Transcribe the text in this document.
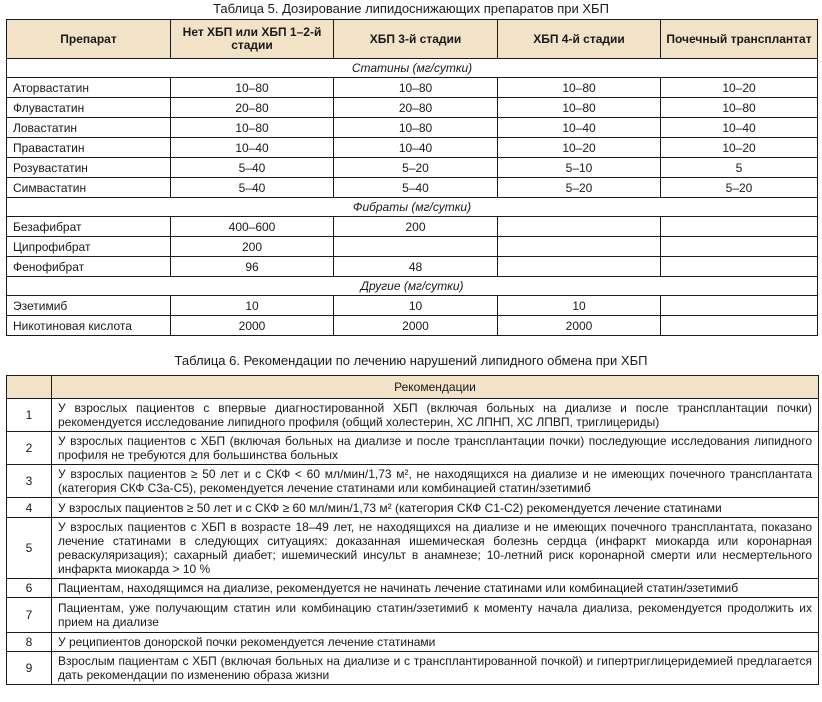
Таблица 5. Дозирование липидоснижающих препаратов при ХБП
Препарат	Нет ХБП или ХБП 1–2-й стадии	ХБП 3-й стадии	ХБП 4-й стадии	Почечный трансплантат
Статины (мг/сутки)				
Аторвастатин	10–80	10–80	10–80	10–20
Флувастатин	20–80	20–80	10–80	10–80
Ловастатин	10–80	10–80	10–40	10–40
Правастатин	10–40	10–40	10–20	10–20
Розувастатин	5–40	5–20	5–10	5
Симвастатин	5–40	5–40	5–20	5–20
Фибраты (мг/сутки)				
Безафибрат	400–600	200		
Ципрофибрат	200			
Фенофибрат	96	48		
Другие (мг/сутки)				
Эзетимиб	10	10	10	
Никотиновая кислота	2000	2000	2000	
Таблица 6. Рекомендации по лечению нарушений липидного обмена при ХБП
	Рекомендации
1	У взрослых пациентов с впервые диагностированной ХБП (включая больных на диализе и после трансплантации почки) рекомендуется исследование липидного профиля (общий холестерин, ХС ЛПНП, ХС ЛПВП, триглицериды)
2	У взрослых пациентов с ХБП (включая больных на диализе и после трансплантации почки) последующие исследования липидного профиля не требуются для большинства больных
3	У взрослых пациентов ≥ 50 лет и с СКФ < 60 мл/мин/1,73 м², не находящихся на диализе и не имеющих почечного трансплантата (категория СКФ С3а-С5), рекомендуется лечение статинами или комбинацией статин/эзетимиб
4	У взрослых пациентов ≥ 50 лет и с СКФ ≥ 60 мл/мин/1,73 м² (категория СКФ С1-С2) рекомендуется лечение статинами
5	У взрослых пациентов с ХБП в возрасте 18–49 лет, не находящихся на диализе и не имеющих почечного трансплантата, показано лечение статинами в следующих ситуациях: доказанная ишемическая болезнь сердца (инфаркт миокарда или коронарная реваскуляризация); сахарный диабет; ишемический инсульт в анамнезе; 10-летний риск коронарной смерти или несмертельного инфаркта миокарда > 10 %
6	Пациентам, находящимся на диализе, рекомендуется не начинать лечение статинами или комбинацией статин/эзетимиб
7	Пациентам, уже получающим статин или комбинацию статин/эзетимиб к моменту начала диализа, рекомендуется продолжить их прием на диализе
8	У реципиентов донорской почки рекомендуется лечение статинами
9	Взрослым пациентам с ХБП (включая больных на диализе и с трансплантированной почкой) и гипертриглицеридемией предлагается дать рекомендации по изменению образа жизни
